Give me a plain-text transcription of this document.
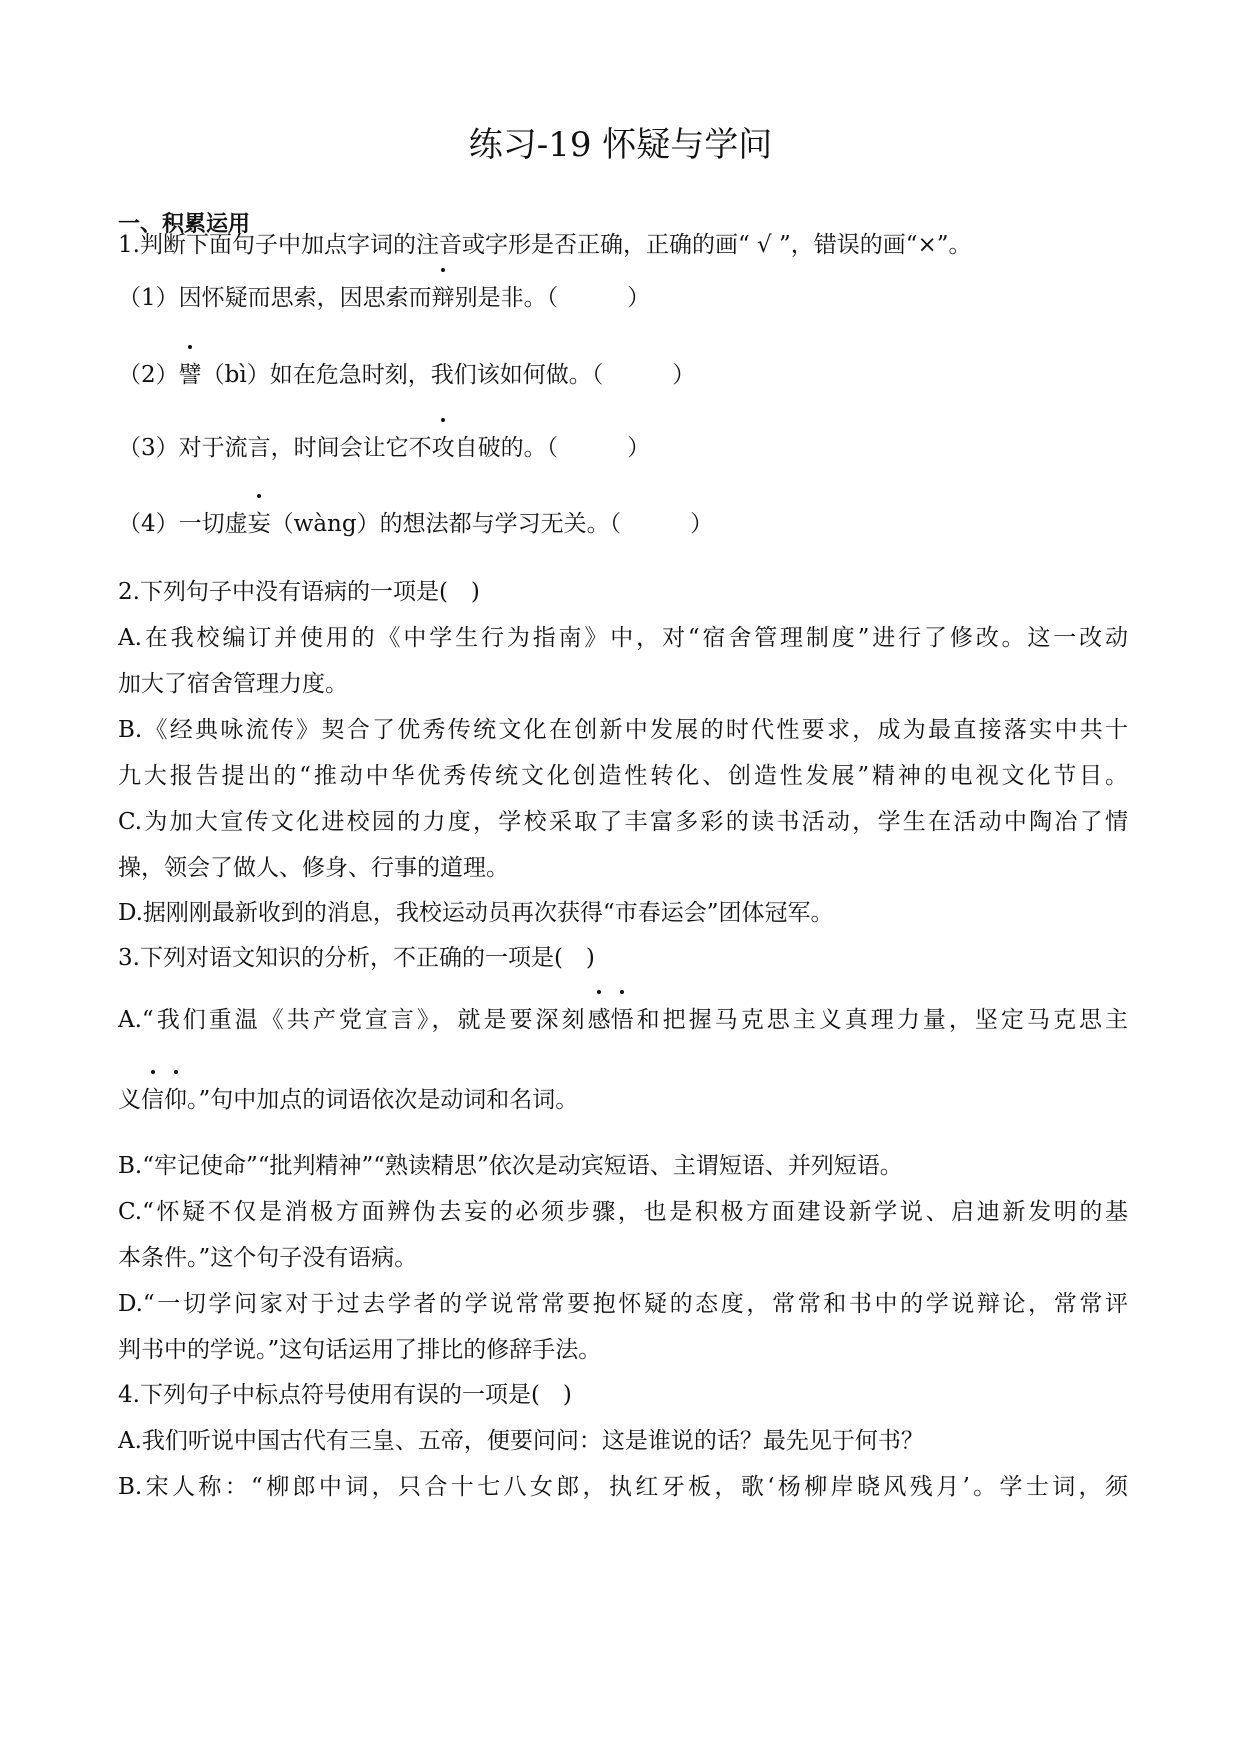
练习-19 怀疑与学问
一、积累运用
1.判断下面句子中加点字词的注音或字形是否正确，正确的画“ √ ”，错误的画“×”。
（1）因怀疑而思索，因思索而辩别是非。（　　　）
（2）譬（bì）如在危急时刻，我们该如何做。（　　　）
（3）对于流言，时间会让它不攻自破的。（　　　）
（4）一切虚妄（wàng）的想法都与学习无关。（　　　）
2.下列句子中没有语病的一项是(　)
A.在我校编订并使用的《中学生行为指南》中，对“宿舍管理制度”进行了修改。这一改动
加大了宿舍管理力度。
B.《经典咏流传》契合了优秀传统文化在创新中发展的时代性要求，成为最直接落实中共十
九大报告提出的“推动中华优秀传统文化创造性转化、创造性发展”精神的电视文化节目。
C.为加大宣传文化进校园的力度，学校采取了丰富多彩的读书活动，学生在活动中陶冶了情
操，领会了做人、修身、行事的道理。
D.据刚刚最新收到的消息，我校运动员再次获得“市春运会”团体冠军。
3.下列对语文知识的分析，不正确的一项是(　)
A.“我们重温《共产党宣言》，就是要深刻感悟和把握马克思主义真理力量，坚定马克思主
义信仰。”句中加点的词语依次是动词和名词。
B.“牢记使命”“批判精神”“熟读精思”依次是动宾短语、主谓短语、并列短语。
C.“怀疑不仅是消极方面辨伪去妄的必须步骤，也是积极方面建设新学说、启迪新发明的基
本条件。”这个句子没有语病。
D.“一切学问家对于过去学者的学说常常要抱怀疑的态度，常常和书中的学说辩论，常常评
判书中的学说。”这句话运用了排比的修辞手法。
4.下列句子中标点符号使用有误的一项是(　)
A.我们听说中国古代有三皇、五帝，便要问问：这是谁说的话？最先见于何书？
B.宋人称：“柳郎中词，只合十七八女郎，执红牙板，歌‘杨柳岸晓风残月’。学士词，须
